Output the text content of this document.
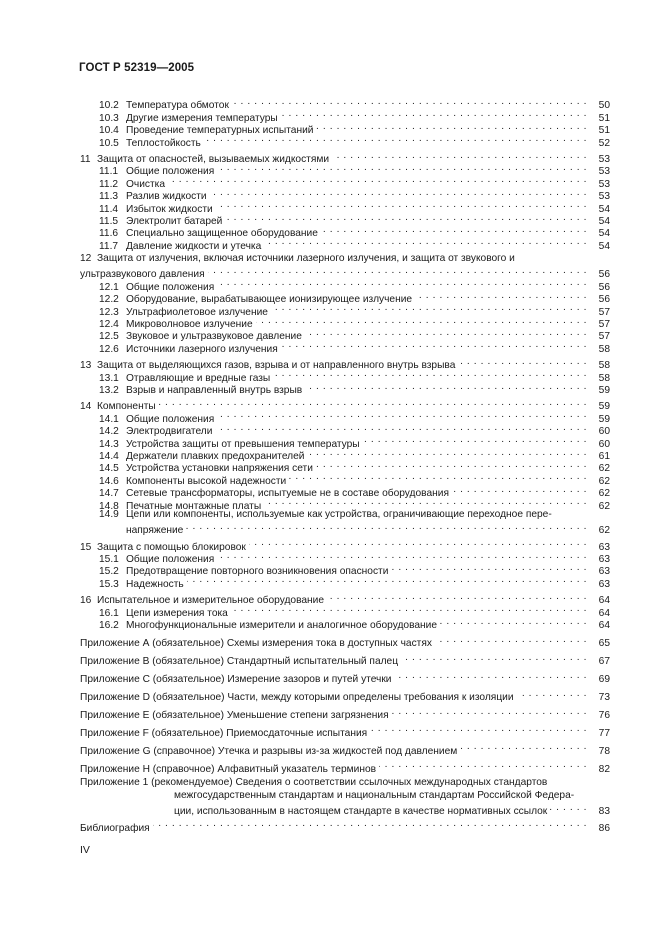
ГОСТ Р 52319—2005
10.2 Температура обмоток . . .	50
10.3 Другие измерения температуры . . .	51
10.4 Проведение температурных испытаний . . .	51
10.5 Теплостойкость . . .	52
11 Защита от опасностей, вызываемых жидкостями . . .	53
11.1 Общие положения . . .	53
11.2 Очистка . . .	53
11.3 Разлив жидкости . . .	53
11.4 Избыток жидкости . . .	54
11.5 Электролит батарей . . .	54
11.6 Специально защищенное оборудование . . .	54
11.7 Давление жидкости и утечка . . .	54
12 Защита от излучения, включая источники лазерного излучения, и защита от звукового и
ультразвукового давления . . .	56
12.1 Общие положения . . .	56
12.2 Оборудование, вырабатывающее ионизирующее излучение . . .	56
12.3 Ультрафиолетовое излучение . . .	57
12.4 Микроволновое излучение . . .	57
12.5 Звуковое и ультразвуковое давление . . .	57
12.6 Источники лазерного излучения . . .	58
13 Защита от выделяющихся газов, взрыва и от направленного внутрь взрыва . . .	58
13.1 Отравляющие и вредные газы . . .	58
13.2 Взрыв и направленный внутрь взрыв . . .	59
14 Компоненты . . .	59
14.1 Общие положения . . .	59
14.2 Электродвигатели . . .	60
14.3 Устройства защиты от превышения температуры . . .	60
14.4 Держатели плавких предохранителей . . .	61
14.5 Устройства установки напряжения сети . . .	62
14.6 Компоненты высокой надежности . . .	62
14.7 Сетевые трансформаторы, испытуемые не в составе оборудования . . .	62
14.8 Печатные монтажные платы . . .	62
14.9 Цепи или компоненты, используемые как устройства, ограничивающие переходное пере-
напряжение . . .	62
15 Защита с помощью блокировок . . .	63
15.1 Общие положения . . .	63
15.2 Предотвращение повторного возникновения опасности . . .	63
15.3 Надежность . . .	63
16 Испытательное и измерительное оборудование . . .	64
16.1 Цепи измерения тока . . .	64
16.2 Многофункциональные измерители и аналогичное оборудование . . .	64
Приложение А (обязательное) Схемы измерения тока в доступных частях . . .	65
Приложение В (обязательное) Стандартный испытательный палец . . .	67
Приложение С (обязательное) Измерение зазоров и путей утечки . . .	69
Приложение D (обязательное) Части, между которыми определены требования к изоляции . . .	73
Приложение Е (обязательное) Уменьшение степени загрязнения . . .	76
Приложение F (обязательное) Приемосдаточные испытания . . .	77
Приложение G (справочное) Утечка и разрывы из-за жидкостей под давлением . . .	78
Приложение Н (справочное) Алфавитный указатель терминов . . .	82
Приложение 1 (рекомендуемое) Сведения о соответствии ссылочных международных стандартов
межгосударственным стандартам и национальным стандартам Российской Федера-
ции, использованным в настоящем стандарте в качестве нормативных ссылок . . .	83
Библиография . . .	86
IV
